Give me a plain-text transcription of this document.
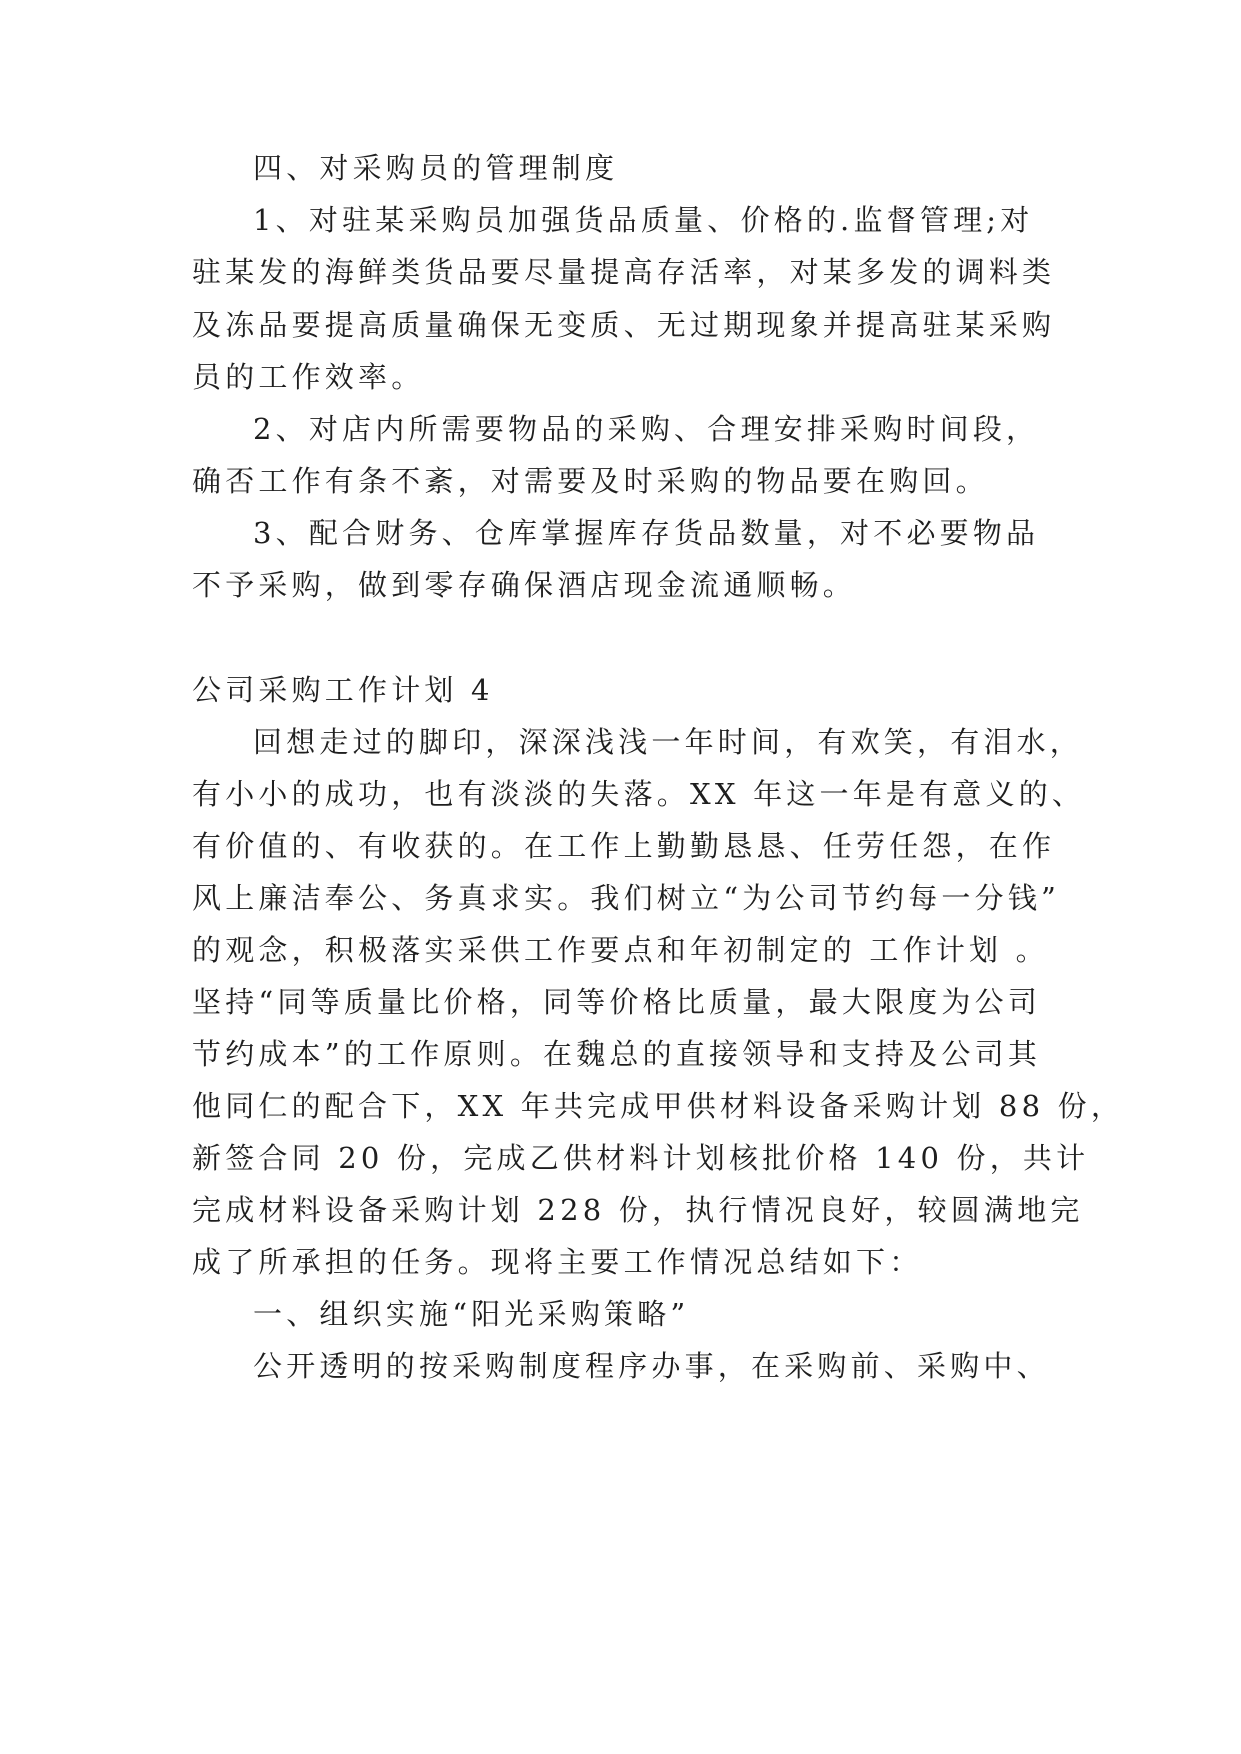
四、对采购员的管理制度

1、对驻某采购员加强货品质量、价格的.监督管理;对

驻某发的海鲜类货品要尽量提高存活率，对某多发的调料类

及冻品要提高质量确保无变质、无过期现象并提高驻某采购

员的工作效率。

2、对店内所需要物品的采购、合理安排采购时间段，

确否工作有条不紊，对需要及时采购的物品要在购回。

3、配合财务、仓库掌握库存货品数量，对不必要物品

不予采购，做到零存确保酒店现金流通顺畅。

公司采购工作计划 4

回想走过的脚印，深深浅浅一年时间，有欢笑，有泪水，

有小小的成功，也有淡淡的失落。XX 年这一年是有意义的、

有价值的、有收获的。在工作上勤勤恳恳、任劳任怨，在作

风上廉洁奉公、务真求实。我们树立“为公司节约每一分钱”

的观念，积极落实采供工作要点和年初制定的 工作计划 。

坚持“同等质量比价格，同等价格比质量，最大限度为公司

节约成本”的工作原则。在魏总的直接领导和支持及公司其

他同仁的配合下，XX 年共完成甲供材料设备采购计划 88 份，

新签合同 20 份，完成乙供材料计划核批价格 140 份，共计

完成材料设备采购计划 228 份，执行情况良好，较圆满地完

成了所承担的任务。现将主要工作情况总结如下：

一、组织实施“阳光采购策略”

公开透明的按采购制度程序办事，在采购前、采购中、
